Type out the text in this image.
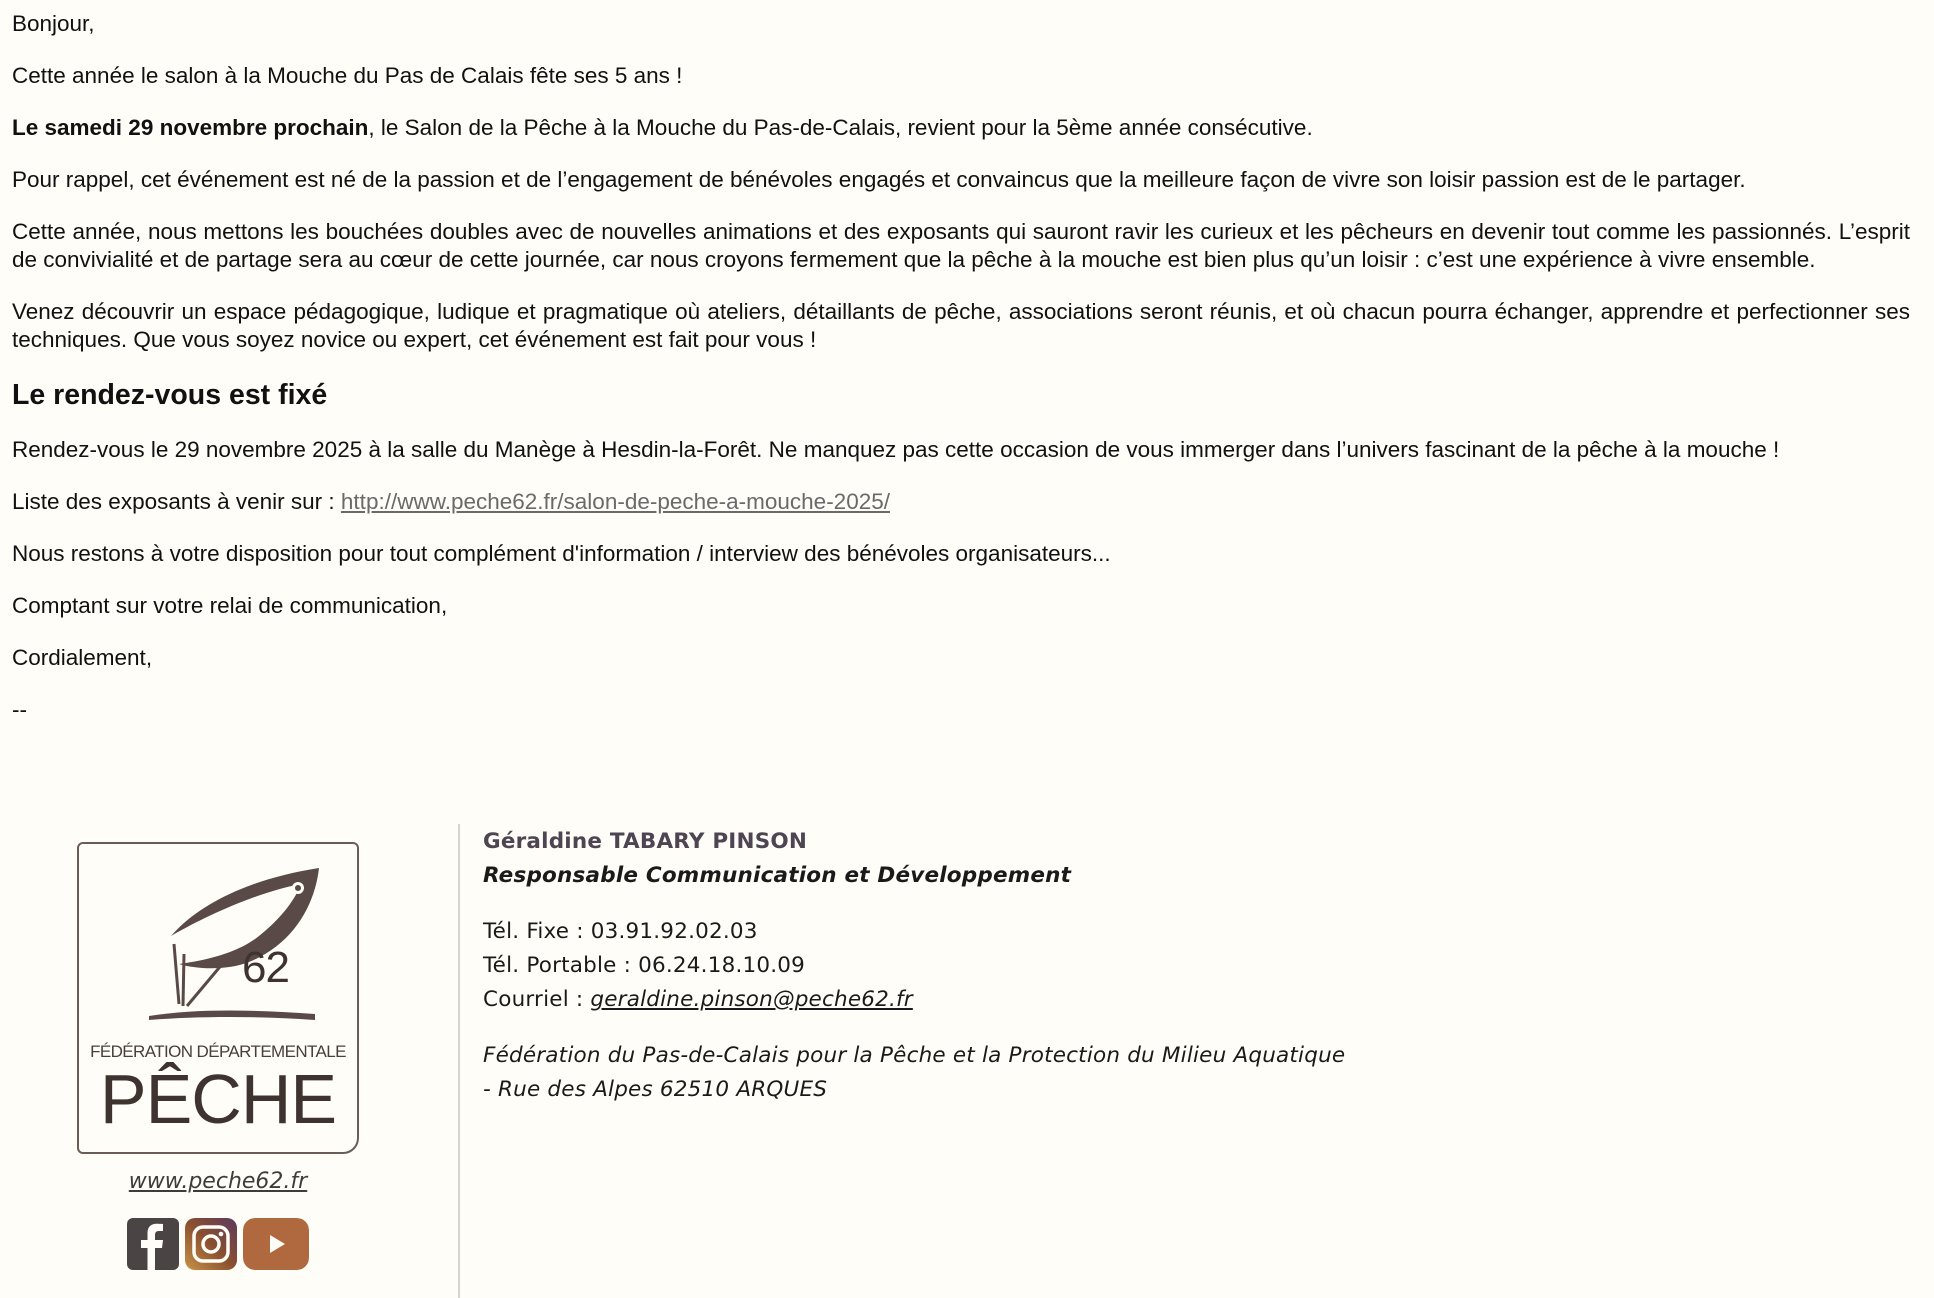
Bonjour,

Cette année le salon à la Mouche du Pas de Calais fête ses 5 ans !

Le samedi 29 novembre prochain, le Salon de la Pêche à la Mouche du Pas-de-Calais, revient pour la 5ème année consécutive.

Pour rappel, cet événement est né de la passion et de l’engagement de bénévoles engagés et convaincus que la meilleure façon de vivre son loisir passion est de le partager.

Cette année, nous mettons les bouchées doubles avec de nouvelles animations et des exposants qui sauront ravir les curieux et les pêcheurs en devenir tout comme les passionnés. L’esprit de convivialité et de partage sera au cœur de cette journée, car nous croyons fermement que la pêche à la mouche est bien plus qu’un loisir : c’est une expérience à vivre ensemble.

Venez découvrir un espace pédagogique, ludique et pragmatique où ateliers, détaillants de pêche, associations seront réunis, et où chacun pourra échanger, apprendre et perfectionner ses techniques. Que vous soyez novice ou expert, cet événement est fait pour vous !

Le rendez-vous est fixé

Rendez-vous le 29 novembre 2025 à la salle du Manège à Hesdin-la-Forêt. Ne manquez pas cette occasion de vous immerger dans l’univers fascinant de la pêche à la mouche !

Liste des exposants à venir sur : http://www.peche62.fr/salon-de-peche-a-mouche-2025/

Nous restons à votre disposition pour tout complément d'information / interview des bénévoles organisateurs...

Comptant sur votre relai de communication,

Cordialement,

--

62
FÉDÉRATION DÉPARTEMENTALE
PÊCHE
www.peche62.fr
Géraldine TABARY PINSON
Responsable Communication et Développement
Tél. Fixe : 03.91.92.02.03
Tél. Portable : 06.24.18.10.09
Courriel : geraldine.pinson@peche62.fr
Fédération du Pas-de-Calais pour la Pêche et la Protection du Milieu Aquatique
- Rue des Alpes 62510 ARQUES
